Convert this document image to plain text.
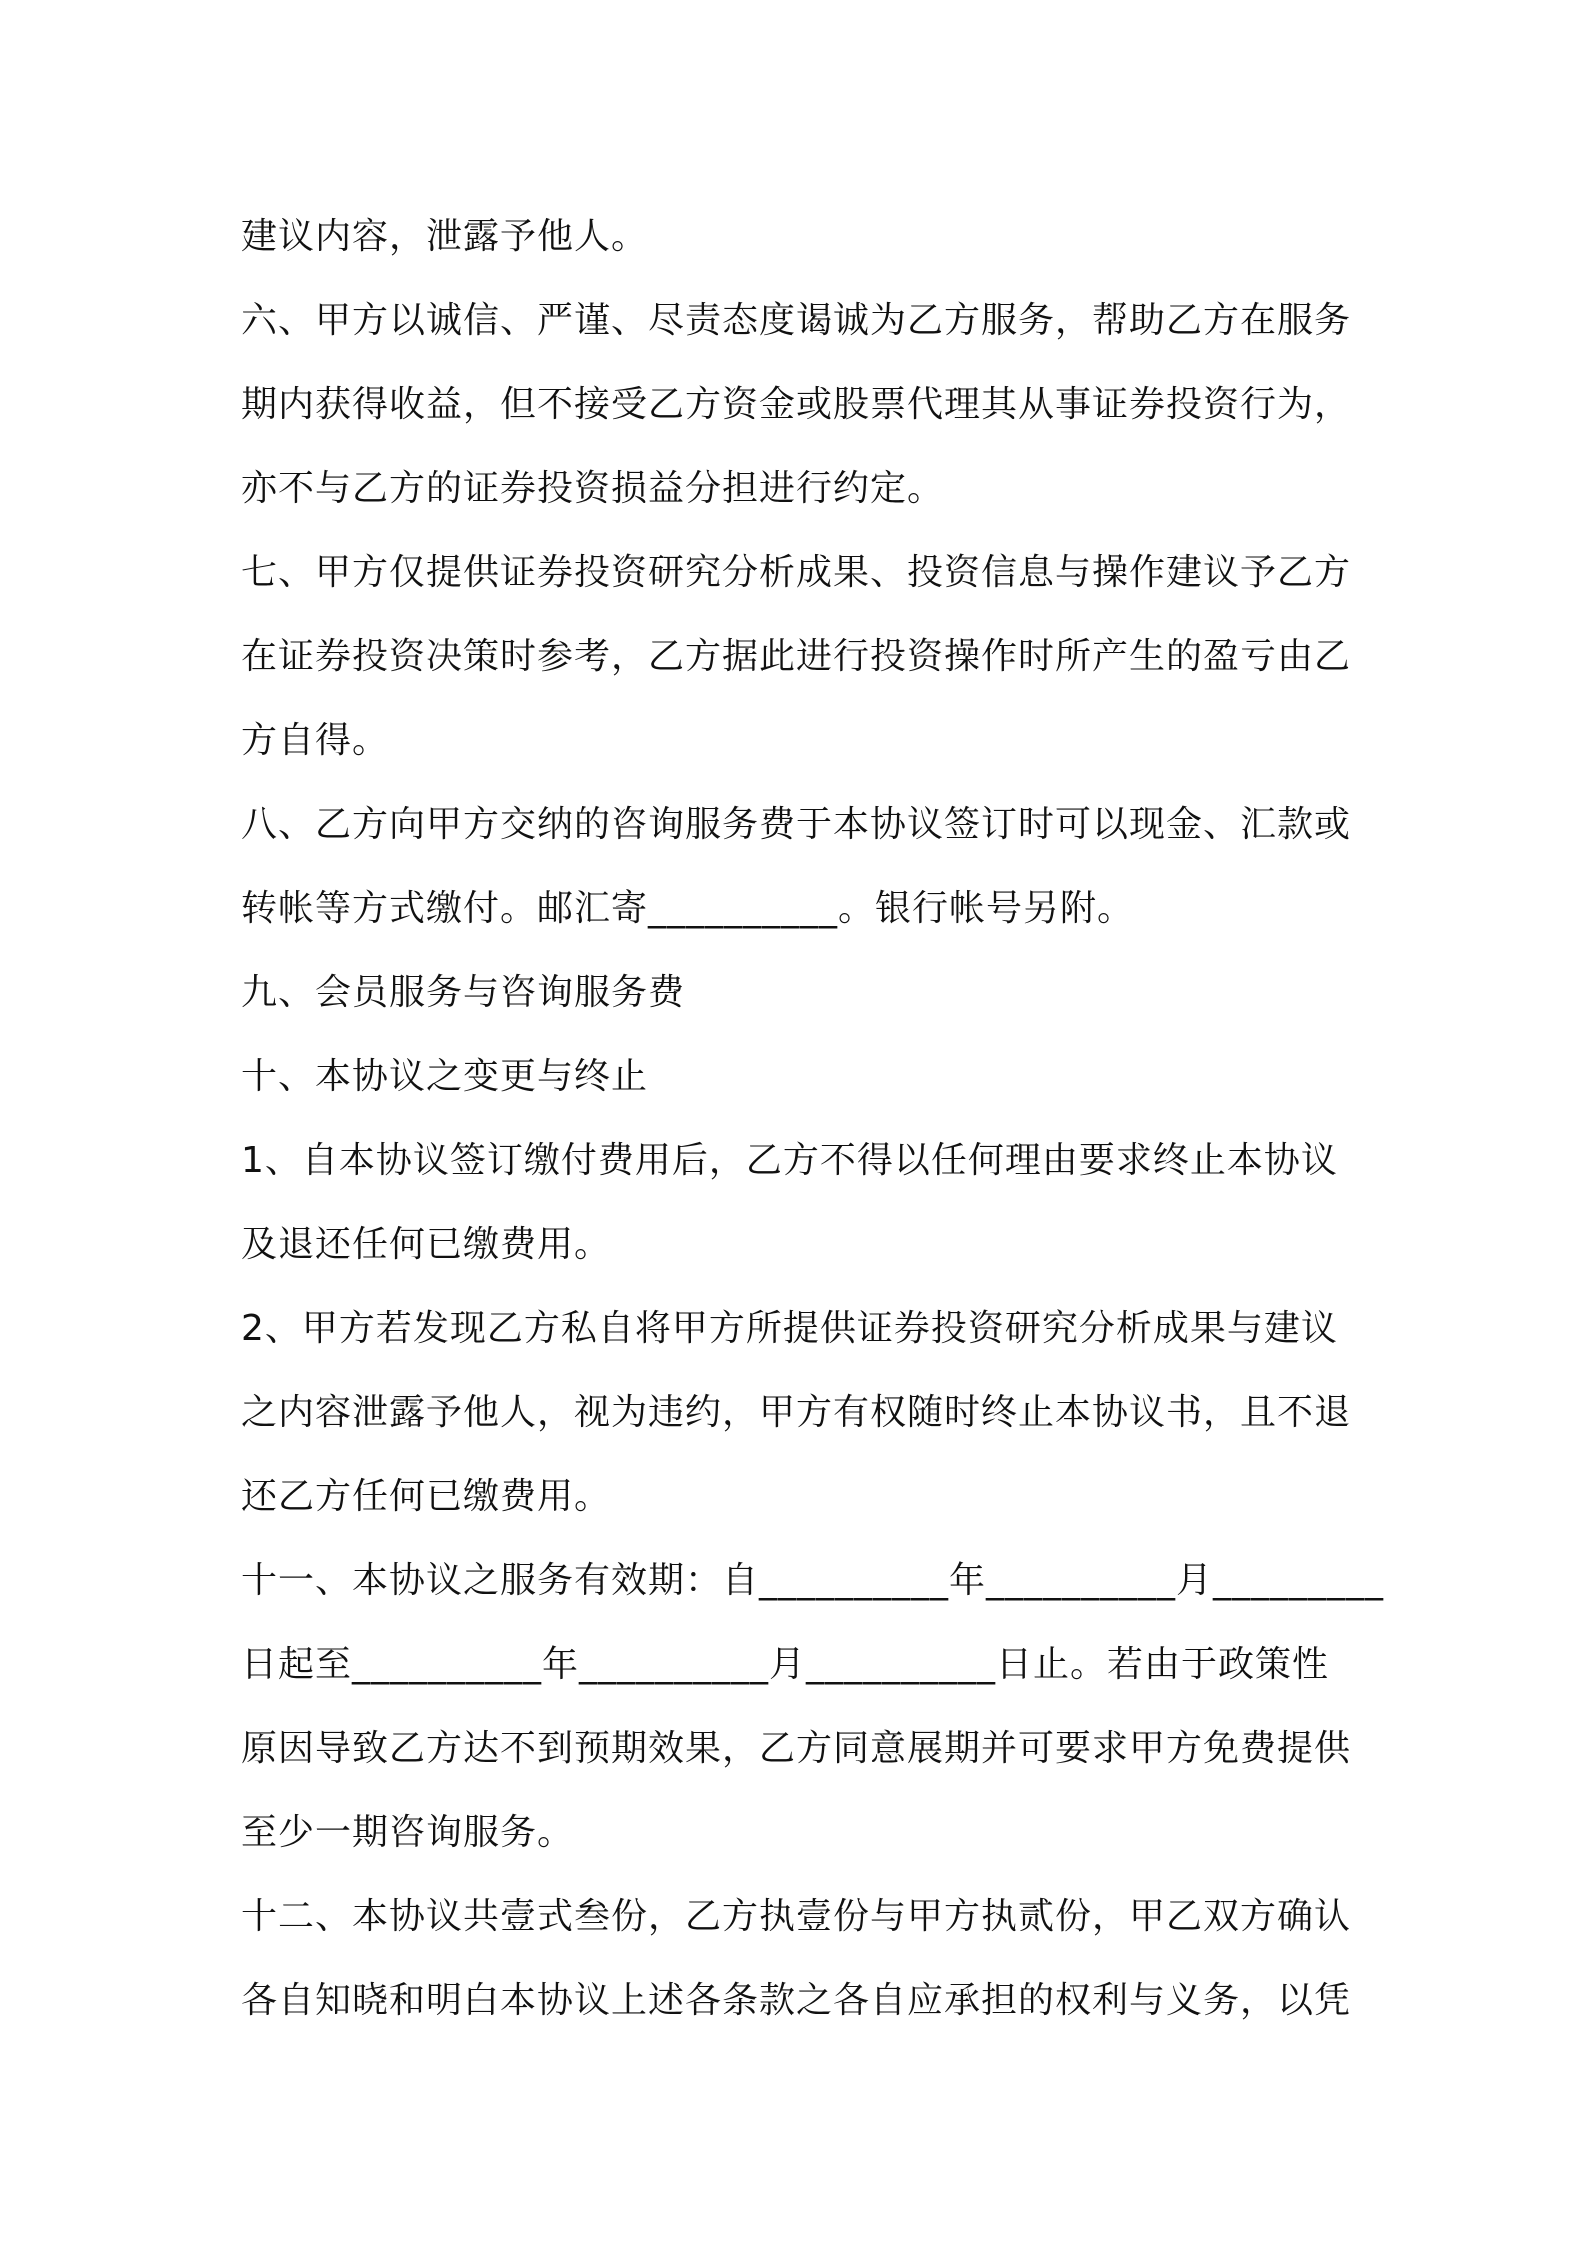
建议内容，泄露予他人。
六、甲方以诚信、严谨、尽责态度谒诚为乙方服务，帮助乙方在服务
期内获得收益，但不接受乙方资金或股票代理其从事证券投资行为，
亦不与乙方的证券投资损益分担进行约定。
七、甲方仅提供证券投资研究分析成果、投资信息与操作建议予乙方
在证券投资决策时参考，乙方据此进行投资操作时所产生的盈亏由乙
方自得。
八、乙方向甲方交纳的咨询服务费于本协议签订时可以现金、汇款或
转帐等方式缴付。邮汇寄__________。银行帐号另附。
九、会员服务与咨询服务费
十、本协议之变更与终止
1、自本协议签订缴付费用后，乙方不得以任何理由要求终止本协议
及退还任何已缴费用。
2、甲方若发现乙方私自将甲方所提供证券投资研究分析成果与建议
之内容泄露予他人，视为违约，甲方有权随时终止本协议书，且不退
还乙方任何已缴费用。
十一、本协议之服务有效期：自__________年__________月_________
日起至__________年__________月__________日止。若由于政策性
原因导致乙方达不到预期效果，乙方同意展期并可要求甲方免费提供
至少一期咨询服务。
十二、本协议共壹式叁份，乙方执壹份与甲方执贰份，甲乙双方确认
各自知晓和明白本协议上述各条款之各自应承担的权利与义务，以凭
